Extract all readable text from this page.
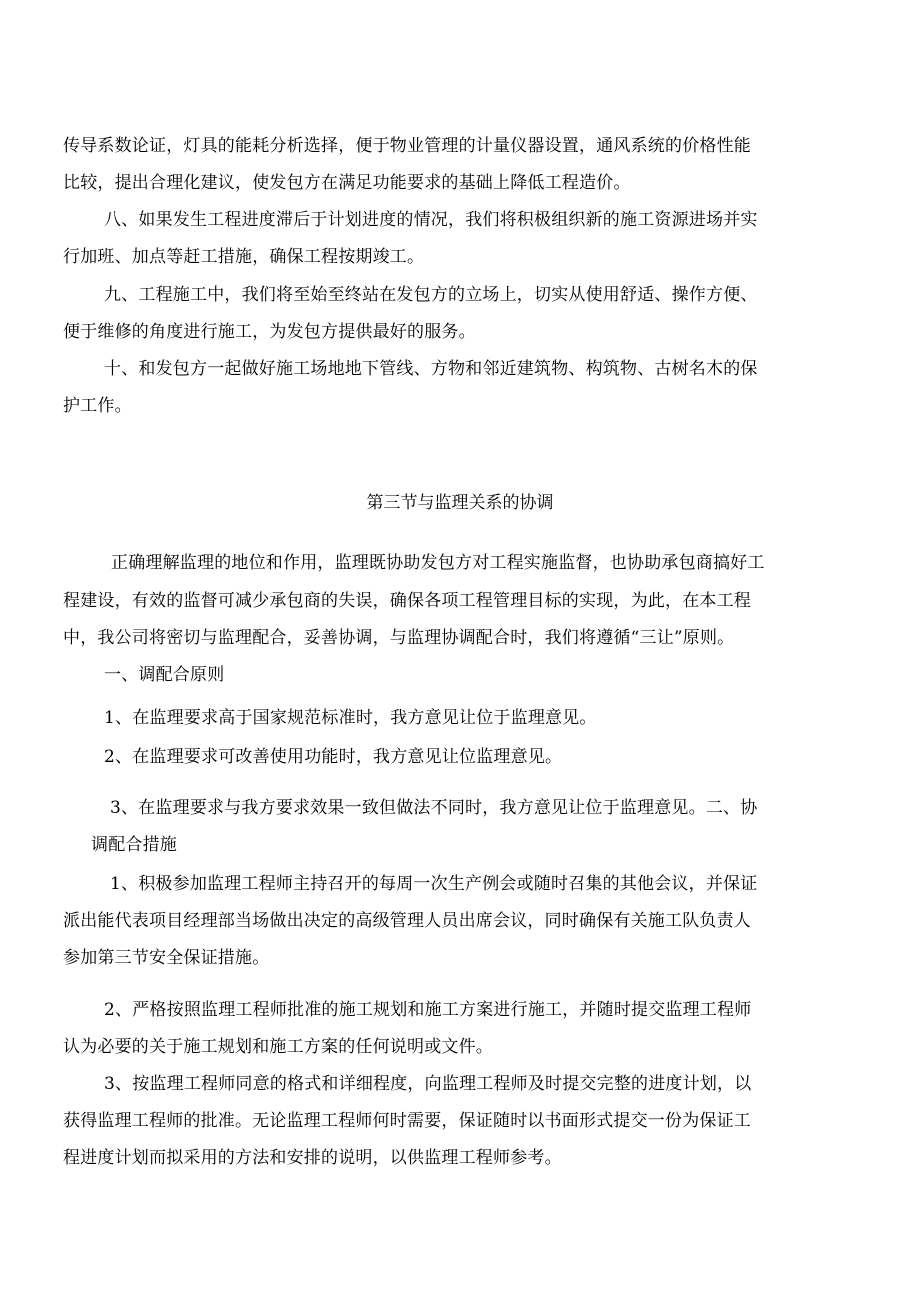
传导系数论证，灯具的能耗分析选择，便于物业管理的计量仪器设置，通风系统的价格性能
比较，提出合理化建议，使发包方在满足功能要求的基础上降低工程造价。
八、如果发生工程进度滞后于计划进度的情况，我们将积极组织新的施工资源进场并实
行加班、加点等赶工措施，确保工程按期竣工。
九、工程施工中，我们将至始至终站在发包方的立场上，切实从使用舒适、操作方便、
便于维修的角度进行施工，为发包方提供最好的服务。
十、和发包方一起做好施工场地地下管线、方物和邻近建筑物、构筑物、古树名木的保
护工作。
第三节与监理关系的协调
正确理解监理的地位和作用，监理既协助发包方对工程实施监督，也协助承包商搞好工
程建设，有效的监督可减少承包商的失误，确保各项工程管理目标的实现，为此，在本工程
中，我公司将密切与监理配合，妥善协调，与监理协调配合时，我们将遵循“三让”原则。
一、调配合原则
1、在监理要求高于国家规范标准时，我方意见让位于监理意见。
2、在监理要求可改善使用功能时，我方意见让位监理意见。
3、在监理要求与我方要求效果一致但做法不同时，我方意见让位于监理意见。二、协
调配合措施
1、积极参加监理工程师主持召开的每周一次生产例会或随时召集的其他会议，并保证
派出能代表项目经理部当场做出决定的高级管理人员出席会议，同时确保有关施工队负责人
参加第三节安全保证措施。
2、严格按照监理工程师批准的施工规划和施工方案进行施工，并随时提交监理工程师
认为必要的关于施工规划和施工方案的任何说明或文件。
3、按监理工程师同意的格式和详细程度，向监理工程师及时提交完整的进度计划，以
获得监理工程师的批准。无论监理工程师何时需要，保证随时以书面形式提交一份为保证工
程进度计划而拟采用的方法和安排的说明，以供监理工程师参考。
